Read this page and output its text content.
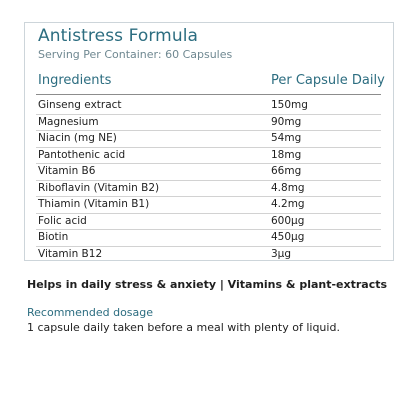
Antistress Formula
Serving Per Container: 60 Capsules
Ingredients	Per Capsule Daily
Ginseng extract	150mg
Magnesium	90mg
Niacin (mg NE)	54mg
Pantothenic acid	18mg
Vitamin B6	66mg
Riboflavin (Vitamin B2)	4.8mg
Thiamin (Vitamin B1)	4.2mg
Folic acid	600µg
Biotin	450µg
Vitamin B12	3µg
Helps in daily stress & anxiety | Vitamins & plant-extracts
Recommended dosage
1 capsule daily taken before a meal with plenty of liquid.
